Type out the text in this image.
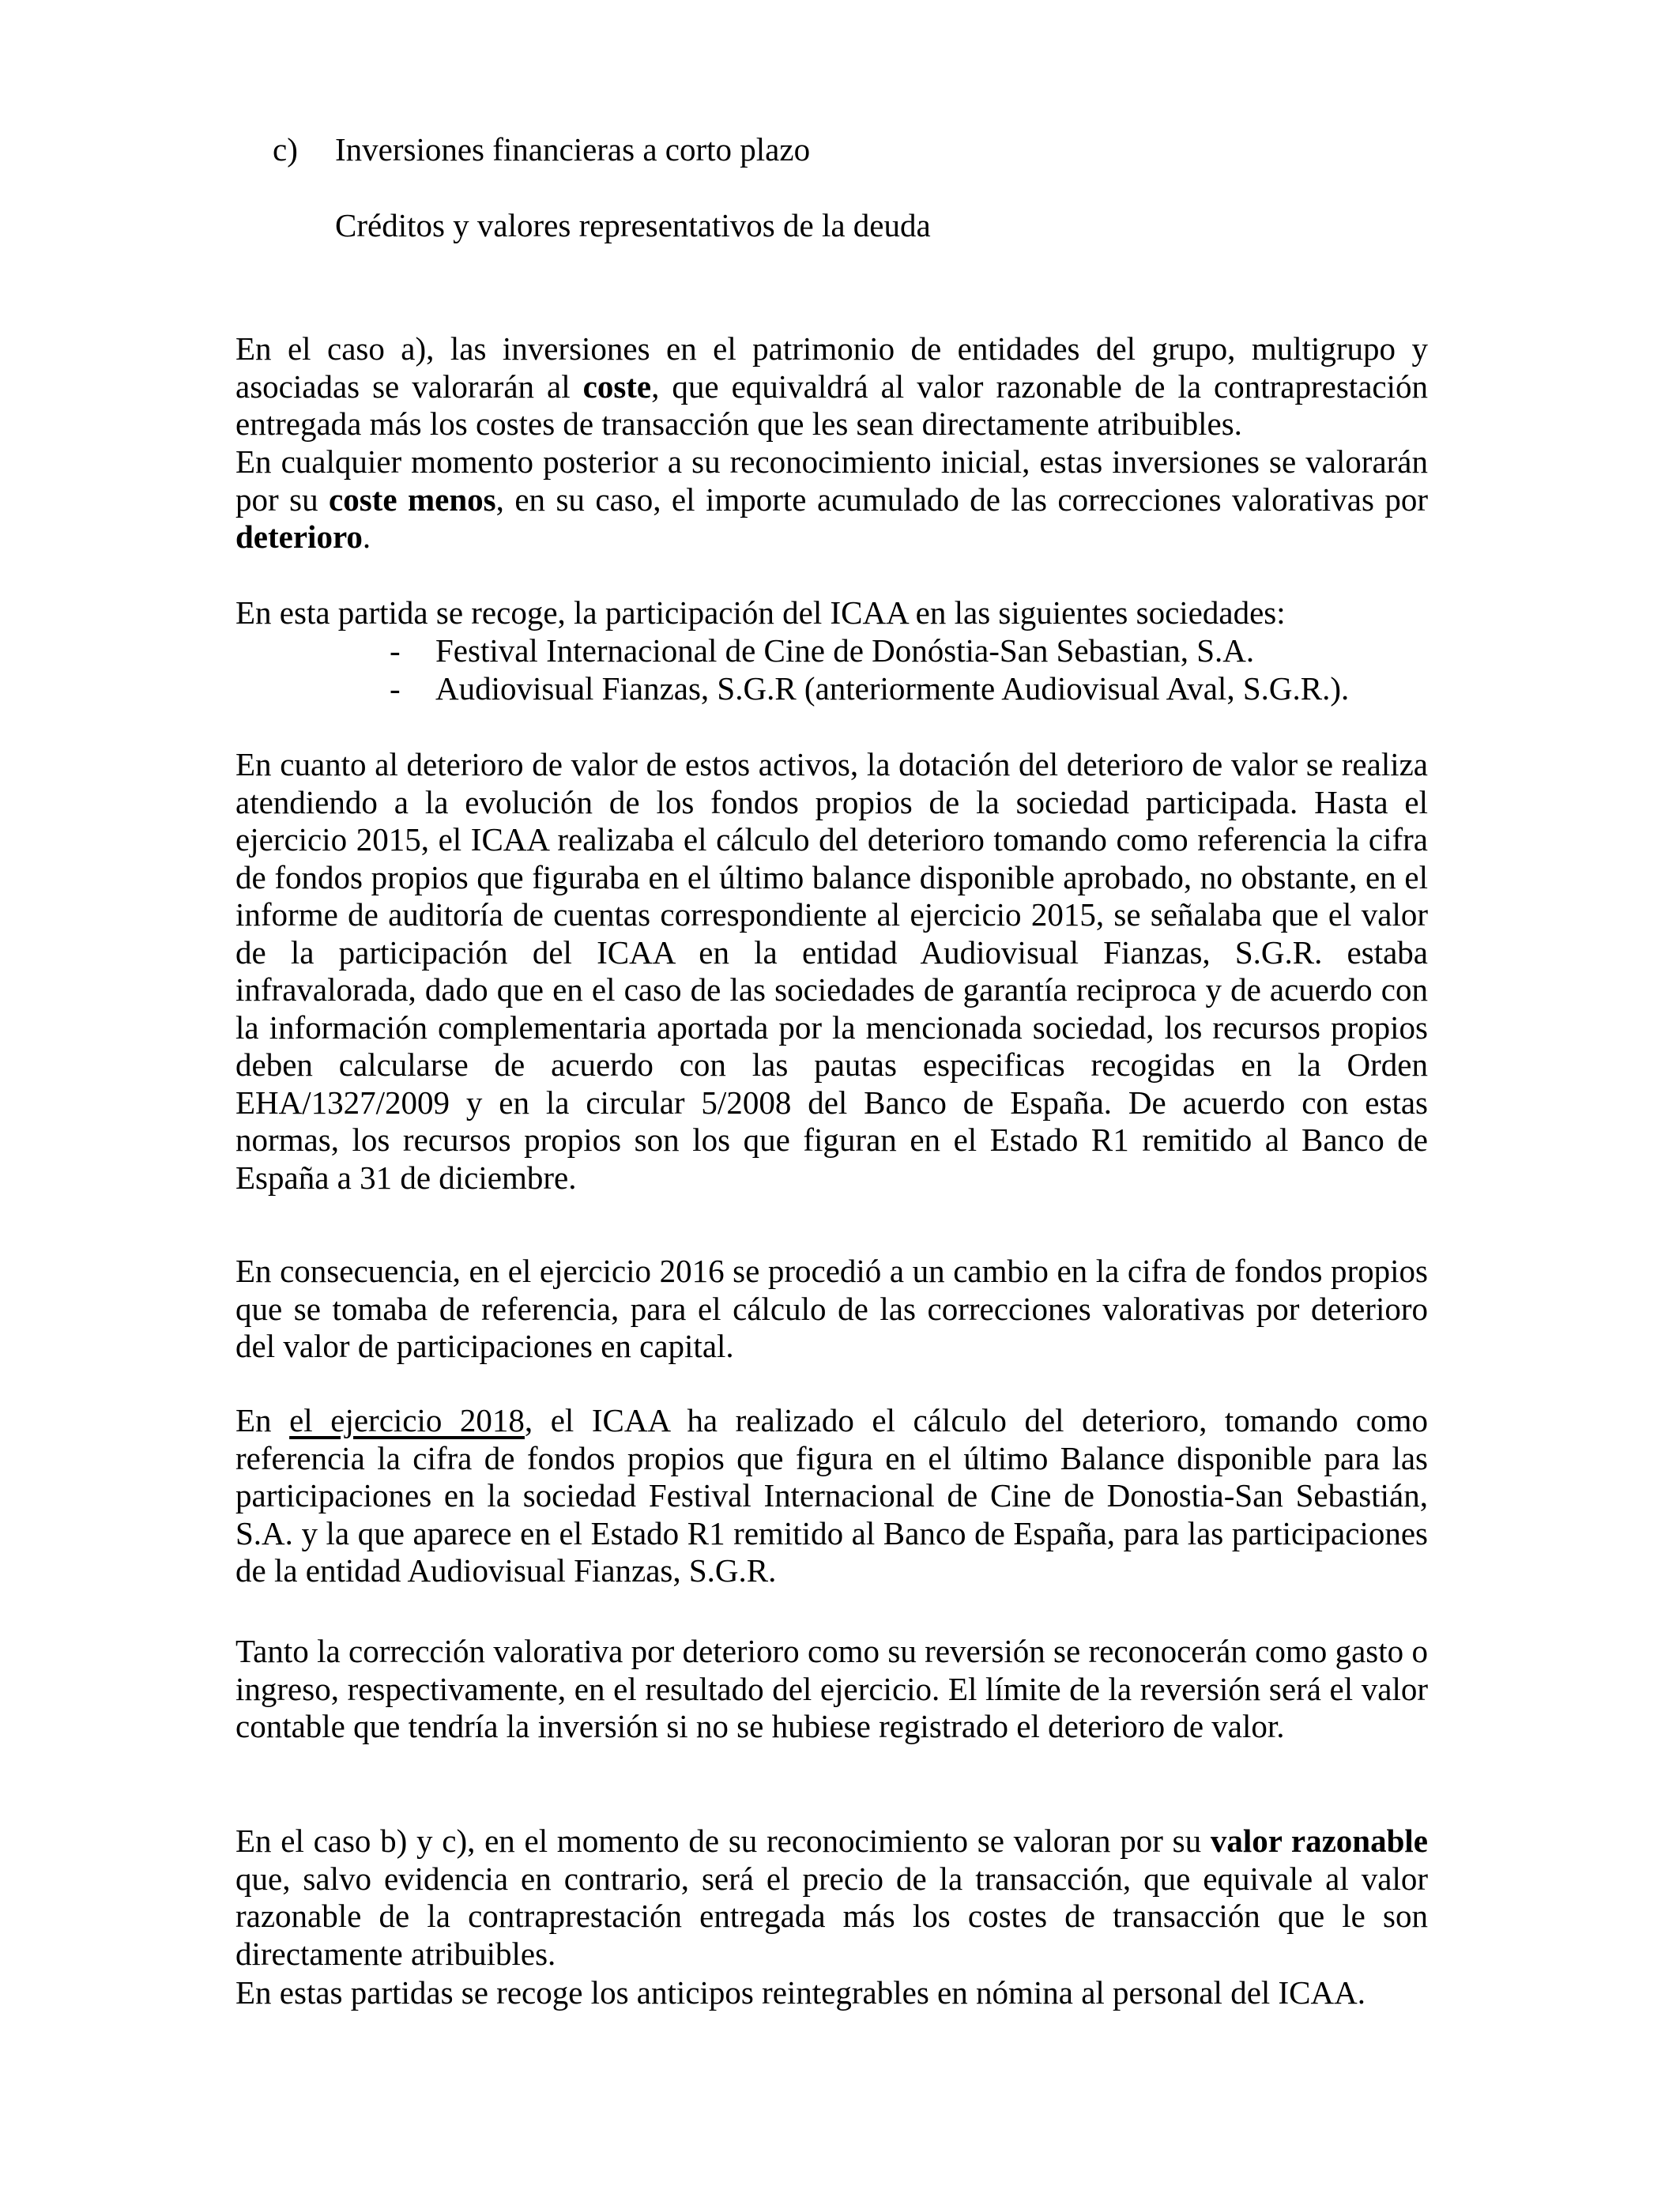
c) Inversiones financieras a corto plazo
Créditos y valores representativos de la deuda

En el caso a), las inversiones en el patrimonio de entidades del grupo, multigrupo y asociadas se valorarán al coste, que equivaldrá al valor razonable de la contraprestación entregada más los costes de transacción que les sean directamente atribuibles.

En cualquier momento posterior a su reconocimiento inicial, estas inversiones se valorarán por su coste menos, en su caso, el importe acumulado de las correcciones valorativas por deterioro.

En esta partida se recoge, la participación del ICAA en las siguientes sociedades:

- Festival Internacional de Cine de Donóstia-San Sebastian, S.A.
- Audiovisual Fianzas, S.G.R (anteriormente Audiovisual Aval, S.G.R.).

En cuanto al deterioro de valor de estos activos, la dotación del deterioro de valor se realiza atendiendo a la evolución de los fondos propios de la sociedad participada. Hasta el ejercicio 2015, el ICAA realizaba el cálculo del deterioro tomando como referencia la cifra de fondos propios que figuraba en el último balance disponible aprobado, no obstante, en el informe de auditoría de cuentas correspondiente al ejercicio 2015, se señalaba que el valor de la participación del ICAA en la entidad Audiovisual Fianzas, S.G.R. estaba infravalorada, dado que en el caso de las sociedades de garantía reciproca y de acuerdo con la información complementaria aportada por la mencionada sociedad, los recursos propios deben calcularse de acuerdo con las pautas especificas recogidas en la Orden EHA/1327/2009 y en la circular 5/2008 del Banco de España. De acuerdo con estas normas, los recursos propios son los que figuran en el Estado R1 remitido al Banco de España a 31 de diciembre.

En consecuencia, en el ejercicio 2016 se procedió a un cambio en la cifra de fondos propios que se tomaba de referencia, para el cálculo de las correcciones valorativas por deterioro del valor de participaciones en capital.

En el ejercicio 2018, el ICAA ha realizado el cálculo del deterioro, tomando como referencia la cifra de fondos propios que figura en el último Balance disponible para las participaciones en la sociedad Festival Internacional de Cine de Donostia-San Sebastián, S.A. y la que aparece en el Estado R1 remitido al Banco de España, para las participaciones de la entidad Audiovisual Fianzas, S.G.R.

Tanto la corrección valorativa por deterioro como su reversión se reconocerán como gasto o ingreso, respectivamente, en el resultado del ejercicio. El límite de la reversión será el valor contable que tendría la inversión si no se hubiese registrado el deterioro de valor.

En el caso b) y c), en el momento de su reconocimiento se valoran por su valor razonable que, salvo evidencia en contrario, será el precio de la transacción, que equivale al valor razonable de la contraprestación entregada más los costes de transacción que le son directamente atribuibles.

En estas partidas se recoge los anticipos reintegrables en nómina al personal del ICAA.
